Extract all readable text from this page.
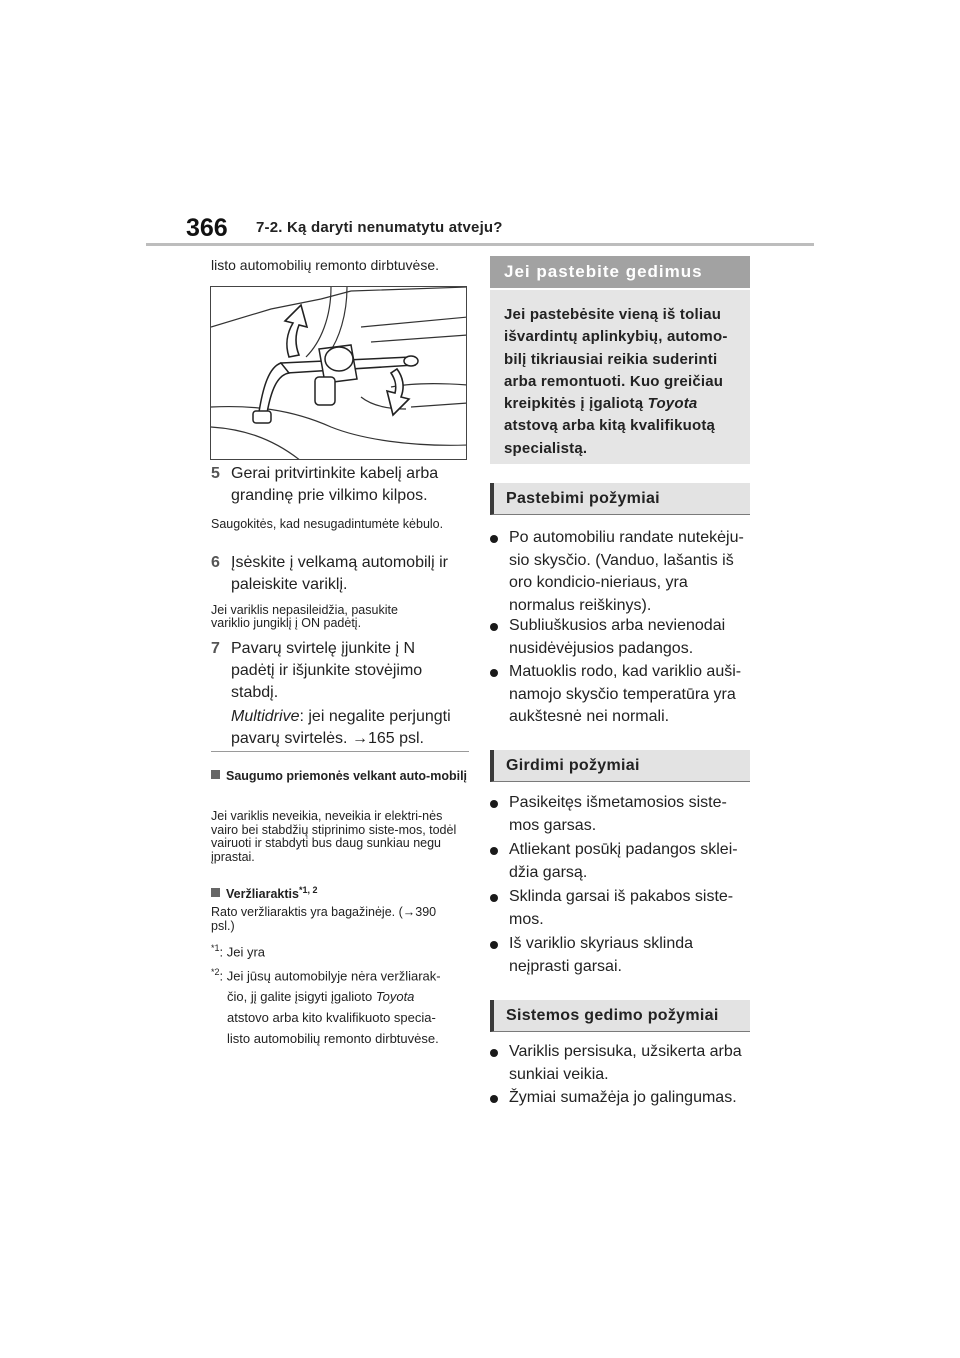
366 7-2. Ką daryti nenumatytu atveju?
listo automobilių remonto dirbtuvėse.
5 Gerai pritvirtinkite kabelį arba grandinę prie vilkimo kilpos.
Saugokitės, kad nesugadintumėte kėbulo.
6 Įsėskite į velkamą automobilį ir paleiskite variklį.
Jei variklis nepasileidžia, pasukite variklio jungiklį į ON padėtį.
7 Pavarų svirtelę įjunkite į N padėtį ir išjunkite stovėjimo stabdį.
Multidrive: jei negalite perjungti pavarų svirtelės. →165 psl.
Saugumo priemonės velkant auto-mobilį
Jei variklis neveikia, neveikia ir elektri-nės vairo bei stabdžių stiprinimo siste-mos, todėl vairuoti ir stabdyti bus daug sunkiau negu įprastai.
Veržliaraktis$^{*1, 2}$
Rato veržliaraktis yra bagažinėje. (→390 psl.)
$^{*1}$: Jei yra
$^{*2}$: Jei jūsų automobilyje nėra veržliarak-
čio, jį galite įsigyti įgalioto Toyota
atstovo arba kito kvalifikuoto specia-
listo automobilių remonto dirbtuvėse.
Jei pastebite gedimus

Jei pastebėsite vieną iš toliau

išvardintų aplinkybių, automo-

bilį tikriausiai reikia suderinti

arba remontuoti. Kuo greičiau

kreipkitės į įgaliotą Toyota

atstovą arba kitą kvalifikuotą

specialistą.

Pastebimi požymiai
Po automobiliu randate nutekėju-sio skysčio. (Vanduo, lašantis iš oro kondicio-nieriaus, yra normalus reiškinys).
Subliuškusios arba nevienodai nusidėvėjusios padangos.
Matuoklis rodo, kad variklio auši-namojo skysčio temperatūra yra aukštesnė nei normali.
Girdimi požymiai
Pasikeitęs išmetamosios siste-mos garsas.
Atliekant posūkį padangos sklei-džia garsą.
Sklinda garsai iš pakabos siste-mos.
Iš variklio skyriaus sklinda neįprasti garsai.
Sistemos gedimo požymiai
Variklis persisuka, užsikerta arba sunkiai veikia.
Žymiai sumažėja jo galingumas.
